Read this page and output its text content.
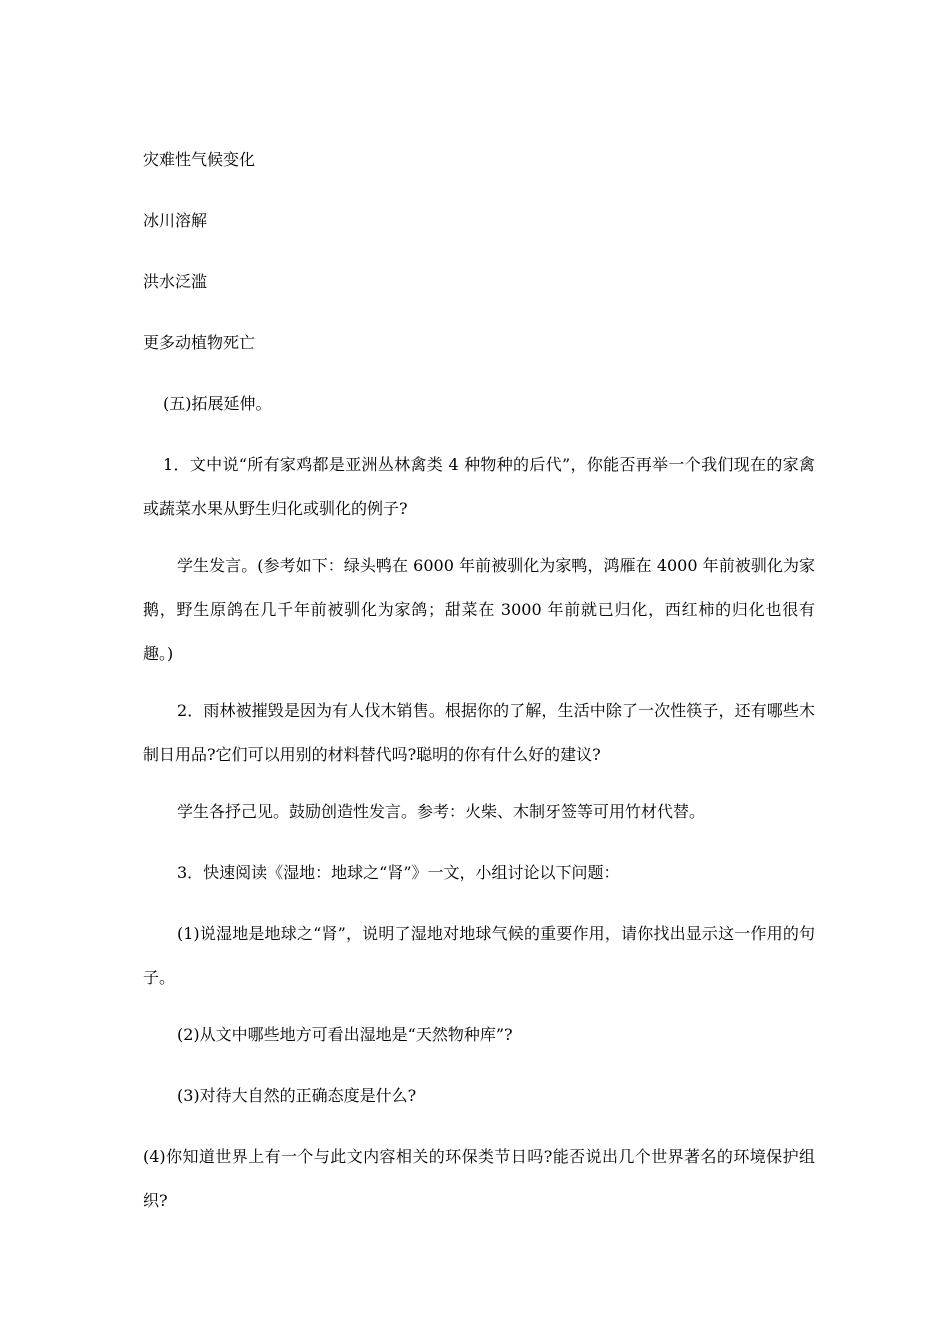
灾难性气候变化

冰川溶解

洪水泛滥

更多动植物死亡

(五)拓展延伸。

1．文中说“所有家鸡都是亚洲丛林禽类 4 种物种的后代”，你能否再举一个我们现在的家禽或蔬菜水果从野生归化或驯化的例子?

学生发言。(参考如下：绿头鸭在 6000 年前被驯化为家鸭，鸿雁在 4000 年前被驯化为家鹅，野生原鸽在几千年前被驯化为家鸽；甜菜在 3000 年前就已归化，西红柿的归化也很有趣。)

2．雨林被摧毁是因为有人伐木销售。根据你的了解，生活中除了一次性筷子，还有哪些木制日用品?它们可以用别的材料替代吗?聪明的你有什么好的建议?

学生各抒己见。鼓励创造性发言。参考：火柴、木制牙签等可用竹材代替。

3．快速阅读《湿地：地球之“肾”》一文，小组讨论以下问题：

(1)说湿地是地球之“肾”，说明了湿地对地球气候的重要作用，请你找出显示这一作用的句子。

(2)从文中哪些地方可看出湿地是“天然物种库”?

(3)对待大自然的正确态度是什么?

(4)你知道世界上有一个与此文内容相关的环保类节日吗?能否说出几个世界著名的环境保护组织?
